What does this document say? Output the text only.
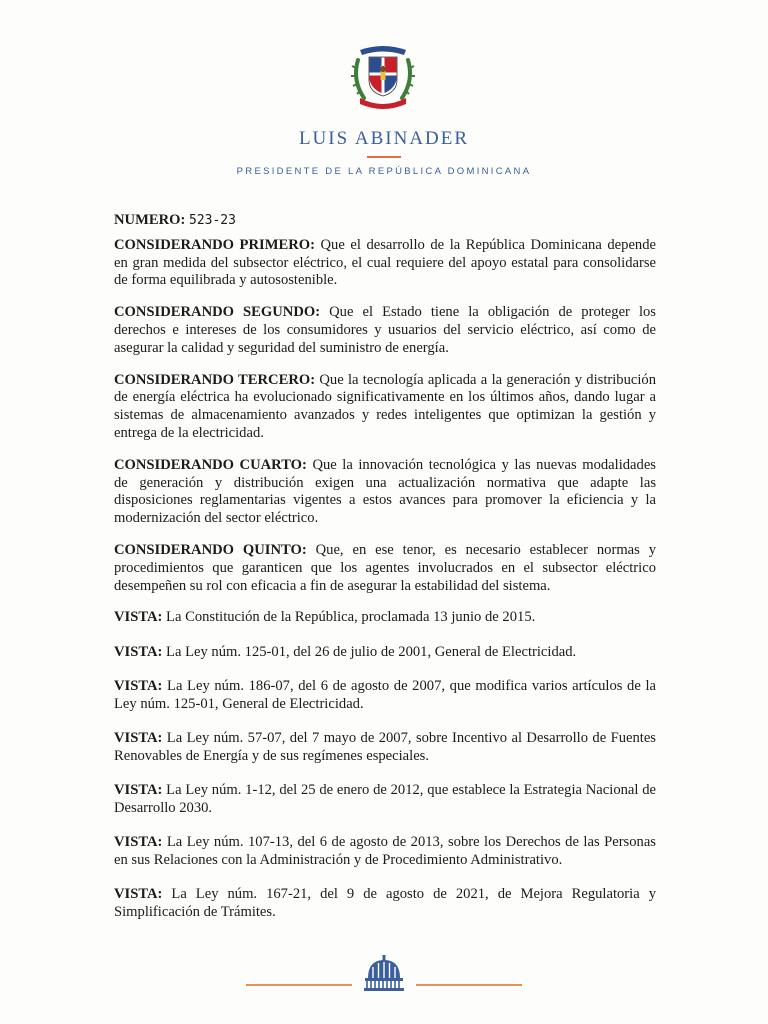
LUIS ABINADER
PRESIDENTE DE LA REPÚBLICA DOMINICANA

NUMERO: 523-23

CONSIDERANDO PRIMERO: Que el desarrollo de la República Dominicana depende en gran medida del subsector eléctrico, el cual requiere del apoyo estatal para consolidarse de forma equilibrada y autosostenible.

CONSIDERANDO SEGUNDO: Que el Estado tiene la obligación de proteger los derechos e intereses de los consumidores y usuarios del servicio eléctrico, así como de asegurar la calidad y seguridad del suministro de energía.

CONSIDERANDO TERCERO: Que la tecnología aplicada a la generación y distribución de energía eléctrica ha evolucionado significativamente en los últimos años, dando lugar a sistemas de almacenamiento avanzados y redes inteligentes que optimizan la gestión y entrega de la electricidad.

CONSIDERANDO CUARTO: Que la innovación tecnológica y las nuevas modalidades de generación y distribución exigen una actualización normativa que adapte las disposiciones reglamentarias vigentes a estos avances para promover la eficiencia y la modernización del sector eléctrico.

CONSIDERANDO QUINTO: Que, en ese tenor, es necesario establecer normas y procedimientos que garanticen que los agentes involucrados en el subsector eléctrico desempeñen su rol con eficacia a fin de asegurar la estabilidad del sistema.

VISTA: La Constitución de la República, proclamada 13 junio de 2015.

VISTA: La Ley núm. 125-01, del 26 de julio de 2001, General de Electricidad.

VISTA: La Ley núm. 186-07, del 6 de agosto de 2007, que modifica varios artículos de la Ley núm. 125-01, General de Electricidad.

VISTA: La Ley núm. 57-07, del 7 mayo de 2007, sobre Incentivo al Desarrollo de Fuentes Renovables de Energía y de sus regímenes especiales.

VISTA: La Ley núm. 1-12, del 25 de enero de 2012, que establece la Estrategia Nacional de Desarrollo 2030.

VISTA: La Ley núm. 107-13, del 6 de agosto de 2013, sobre los Derechos de las Personas en sus Relaciones con la Administración y de Procedimiento Administrativo.

VISTA: La Ley núm. 167-21, del 9 de agosto de 2021, de Mejora Regulatoria y Simplificación de Trámites.
